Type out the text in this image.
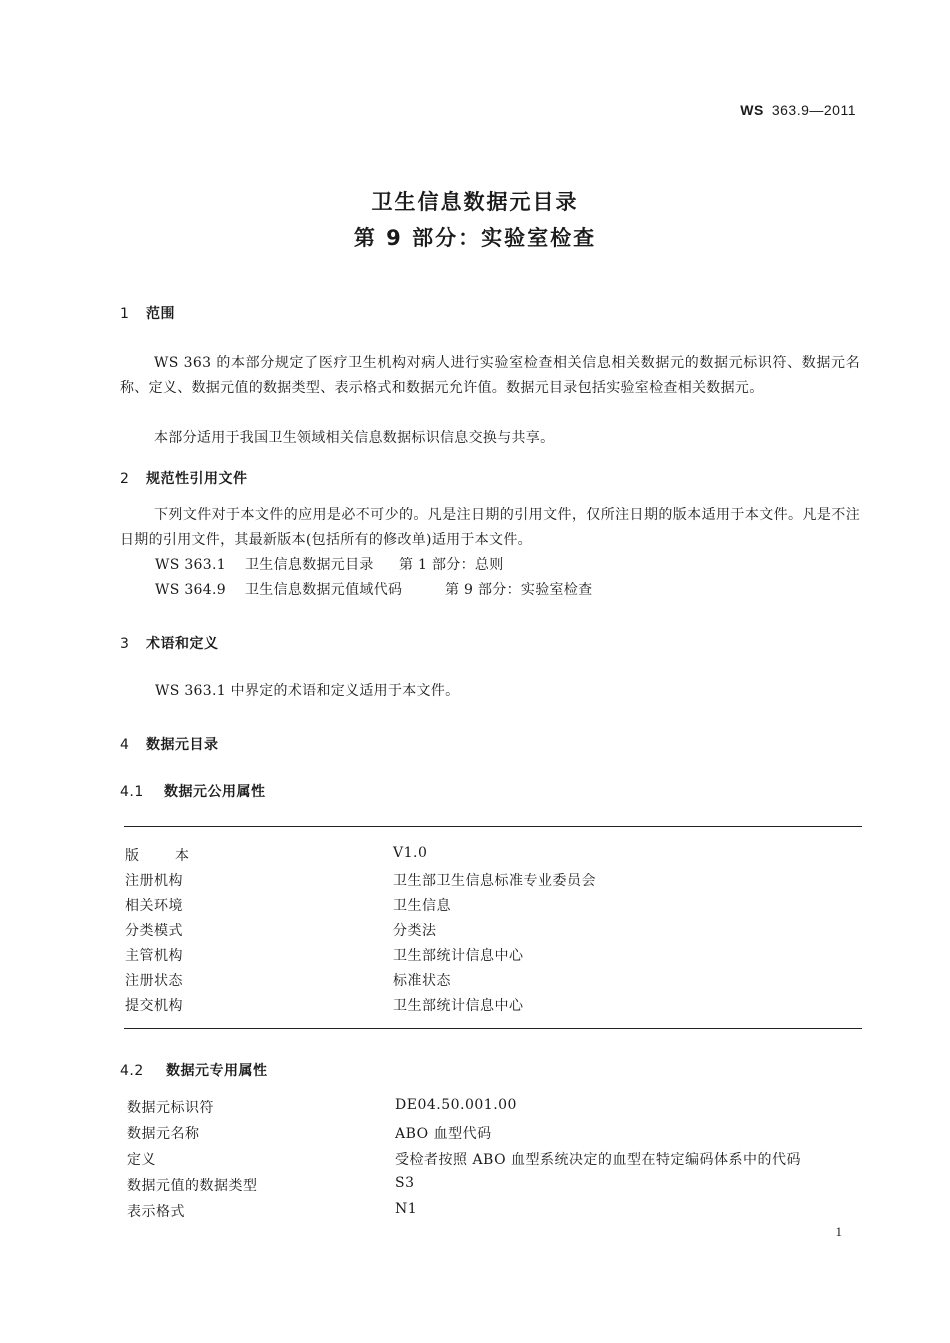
WS 363.9—2011
卫生信息数据元目录
第 9 部分：实验室检查
1 范围
WS 363 的本部分规定了医疗卫生机构对病人进行实验室检查相关信息相关数据元的数据元标识符、数据元名称、定义、数据元值的数据类型、表示格式和数据元允许值。数据元目录包括实验室检查相关数据元。
本部分适用于我国卫生领域相关信息数据标识信息交换与共享。
2 规范性引用文件
下列文件对于本文件的应用是必不可少的。凡是注日期的引用文件，仅所注日期的版本适用于本文件。凡是不注日期的引用文件，其最新版本(包括所有的修改单)适用于本文件。
WS 363.1 卫生信息数据元目录 第 1 部分：总则
WS 364.9 卫生信息数据元值域代码	第 9 部分：实验室检查
3 术语和定义
WS 363.1 中界定的术语和定义适用于本文件。
4 数据元目录
4.1 数据元公用属性
版本	V1.0
注册机构	卫生部卫生信息标准专业委员会
相关环境	卫生信息
分类模式	分类法
主管机构	卫生部统计信息中心
注册状态	标准状态
提交机构	卫生部统计信息中心
4.2 数据元专用属性
数据元标识符	DE04.50.001.00
数据元名称	ABO 血型代码
定义	受检者按照 ABO 血型系统决定的血型在特定编码体系中的代码
数据元值的数据类型	S3
表示格式	N1
1
